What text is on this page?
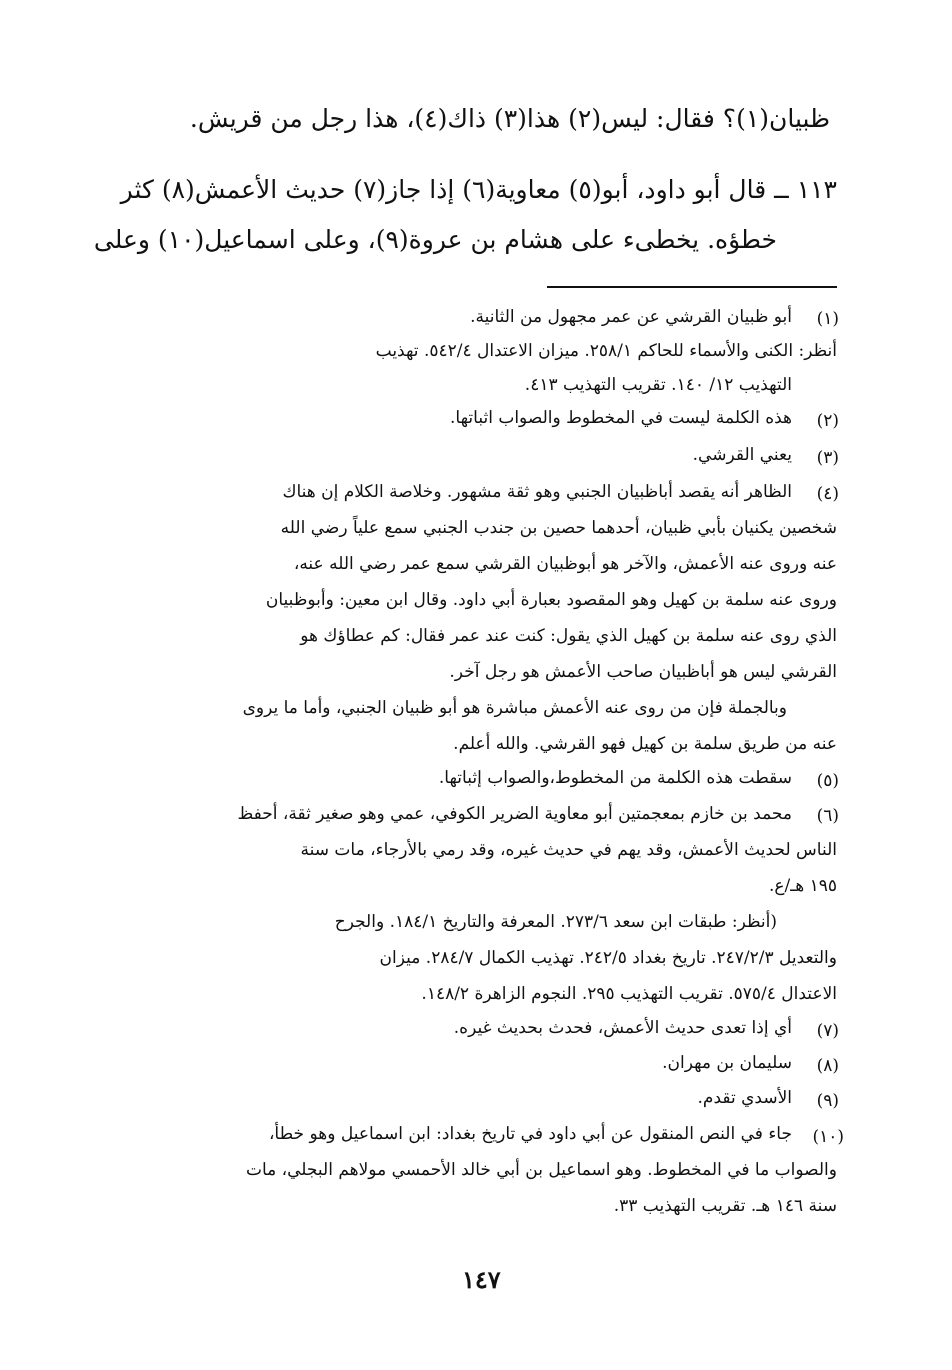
ظبيان(١)؟ فقال: ليس(٢) هذا(٣) ذاك(٤)، هذا رجل من قريش.
١١٣ ــ قال أبو داود، أبو(٥) معاوية(٦) إذا جاز(٧) حديث الأعمش(٨) كثر
خطؤه. يخطىء على هشام بن عروة(٩)، وعلى اسماعيل(١٠) وعلى
(١)
أبو ظبيان القرشي عن عمر مجهول من الثانية.
أنظر: الكنى والأسماء للحاكم ٢٥٨/١. ميزان الاعتدال ٥٤٢/٤. تهذيب
التهذيب ١٢/ ١٤٠. تقريب التهذيب ٤١٣.
(٢)
هذه الكلمة ليست في المخطوط والصواب اثباتها.
(٣)
يعني القرشي.
(٤)
الظاهر أنه يقصد أباظبيان الجنبي وهو ثقة مشهور. وخلاصة الكلام إن هناك
شخصين يكنيان بأبي ظبيان، أحدهما حصين بن جندب الجنبي سمع علياً رضي الله
عنه وروى عنه الأعمش، والآخر هو أبوظبيان القرشي سمع عمر رضي الله عنه،
وروى عنه سلمة بن كهيل وهو المقصود بعبارة أبي داود. وقال ابن معين: وأبوظبيان
الذي روى عنه سلمة بن كهيل الذي يقول: كنت عند عمر فقال: كم عطاؤك هو
القرشي ليس هو أباظبيان صاحب الأعمش هو رجل آخر.
وبالجملة فإن من روى عنه الأعمش مباشرة هو أبو ظبيان الجنبي، وأما ما يروى
عنه من طريق سلمة بن كهيل فهو القرشي. والله أعلم.
(٥)
سقطت هذه الكلمة من المخطوط،والصواب إثباتها.
(٦)
محمد بن خازم بمعجمتين أبو معاوية الضرير الكوفي، عمي وهو صغير ثقة، أحفظ
الناس لحديث الأعمش، وقد يهم في حديث غيره، وقد رمي بالأرجاء، مات سنة
١٩٥ هـ/ع.
(أنظر: طبقات ابن سعد ٢٧٣/٦. المعرفة والتاريخ ١٨٤/١. والجرح
والتعديل ٢٤٧/٢/٣. تاريخ بغداد ٢٤٢/٥. تهذيب الكمال ٢٨٤/٧. ميزان
الاعتدال ٥٧٥/٤. تقريب التهذيب ٢٩٥. النجوم الزاهرة ١٤٨/٢.
(٧)
أي إذا تعدى حديث الأعمش، فحدث بحديث غيره.
(٨)
سليمان بن مهران.
(٩)
الأسدي تقدم.
(١٠)
جاء في النص المنقول عن أبي داود في تاريخ بغداد: ابن اسماعيل وهو خطأ،
والصواب ما في المخطوط. وهو اسماعيل بن أبي خالد الأحمسي مولاهم البجلي، مات
سنة ١٤٦ هـ. تقريب التهذيب ٣٣.
١٤٧
